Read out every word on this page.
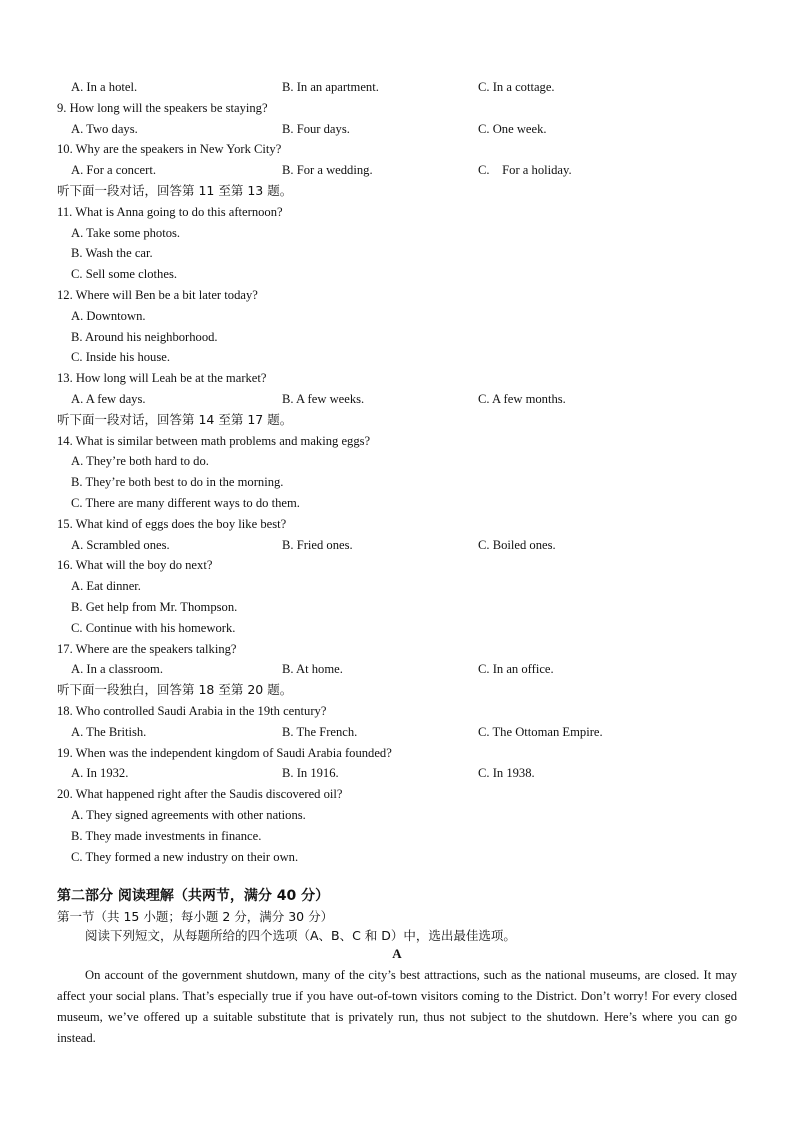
A. In a hotel.	B. In an apartment.	C. In a cottage.
9. How long will the speakers be staying?
A. Two days.	B. Four days.	C. One week.
10. Why are the speakers in New York City?
A. For a concert.	B. For a wedding.	C.    For a holiday.
听下面一段对话，回答第 11 至第 13 题。
11. What is Anna going to do this afternoon?
A. Take some photos.
B. Wash the car.
C. Sell some clothes.
12. Where will Ben be a bit later today?
A. Downtown.
B. Around his neighborhood.
C. Inside his house.
13. How long will Leah be at the market?
A. A few days.	B. A few weeks.	C. A few months.
听下面一段对话，回答第 14 至第 17 题。
14. What is similar between math problems and making eggs?
A. They’re both hard to do.
B. They’re both best to do in the morning.
C. There are many different ways to do them.
15. What kind of eggs does the boy like best?
A. Scrambled ones.	B. Fried ones.	C. Boiled ones.
16. What will the boy do next?
A. Eat dinner.
B. Get help from Mr. Thompson.
C. Continue with his homework.
17. Where are the speakers talking?
A. In a classroom.	B. At home.	C. In an office.
听下面一段独白，回答第 18 至第 20 题。
18. Who controlled Saudi Arabia in the 19th century?
A. The British.	B. The French.	C. The Ottoman Empire.
19. When was the independent kingdom of Saudi Arabia founded?
A. In 1932.	B. In 1916.	C. In 1938.
20. What happened right after the Saudis discovered oil?
A. They signed agreements with other nations.
B. They made investments in finance.
C. They formed a new industry on their own.
第二部分 阅读理解（共两节，满分 40 分）
第一节（共 15 小题；每小题 2 分，满分 30 分）
阅读下列短文，从每题所给的四个选项（A、B、C 和 D）中，选出最佳选项。
A
On account of the government shutdown, many of the city’s best attractions, such as the national museums, are closed. It may affect your social plans. That’s especially true if you have out-of-town visitors coming to the District. Don’t worry! For every closed museum, we’ve offered up a suitable substitute that is privately run, thus not subject to the shutdown. Here’s where you can go instead.
